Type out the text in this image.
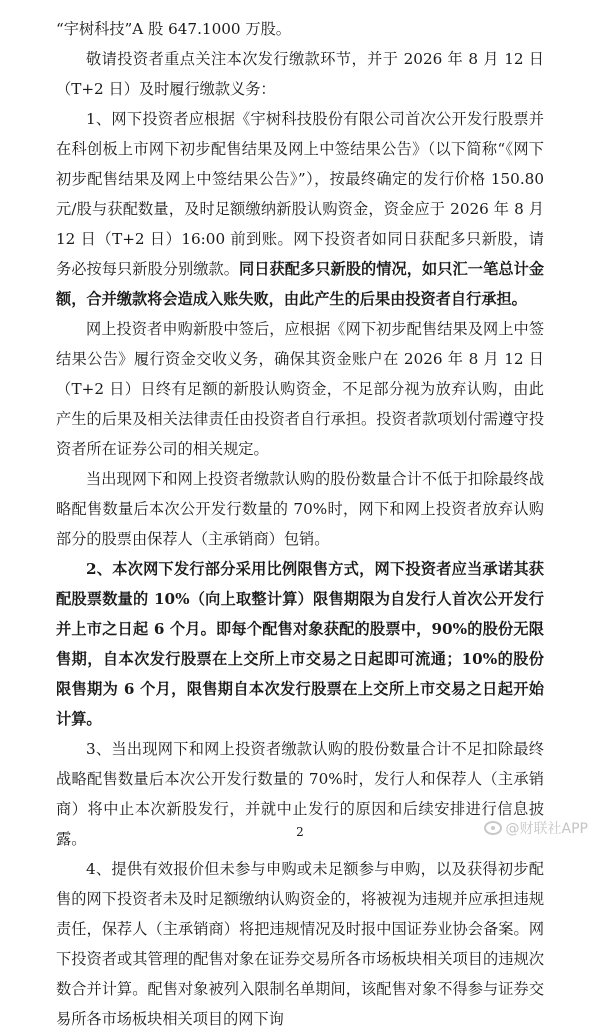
“宇树科技”A 股 647.1000 万股。

敬请投资者重点关注本次发行缴款环节，并于 2026 年 8 月 12 日（T+2 日）及时履行缴款义务：

1、网下投资者应根据《宇树科技股份有限公司首次公开发行股票并在科创板上市网下初步配售结果及网上中签结果公告》（以下简称“《网下初步配售结果及网上中签结果公告》”），按最终确定的发行价格 150.80 元/股与获配数量，及时足额缴纳新股认购资金，资金应于 2026 年 8 月 12 日（T+2 日）16:00 前到账。网下投资者如同日获配多只新股，请务必按每只新股分别缴款。同日获配多只新股的情况，如只汇一笔总计金额，合并缴款将会造成入账失败，由此产生的后果由投资者自行承担。

网上投资者申购新股中签后，应根据《网下初步配售结果及网上中签结果公告》履行资金交收义务，确保其资金账户在 2026 年 8 月 12 日（T+2 日）日终有足额的新股认购资金，不足部分视为放弃认购，由此产生的后果及相关法律责任由投资者自行承担。投资者款项划付需遵守投资者所在证券公司的相关规定。

当出现网下和网上投资者缴款认购的股份数量合计不低于扣除最终战略配售数量后本次公开发行数量的 70%时，网下和网上投资者放弃认购部分的股票由保荐人（主承销商）包销。

2、本次网下发行部分采用比例限售方式，网下投资者应当承诺其获配股票数量的 10%（向上取整计算）限售期限为自发行人首次公开发行并上市之日起 6 个月。即每个配售对象获配的股票中，90%的股份无限售期，自本次发行股票在上交所上市交易之日起即可流通；10%的股份限售期为 6 个月，限售期自本次发行股票在上交所上市交易之日起开始计算。

3、当出现网下和网上投资者缴款认购的股份数量合计不足扣除最终战略配售数量后本次公开发行数量的 70%时，发行人和保荐人（主承销商）将中止本次新股发行，并就中止发行的原因和后续安排进行信息披露。

4、提供有效报价但未参与申购或未足额参与申购，以及获得初步配售的网下投资者未及时足额缴纳认购资金的，将被视为违规并应承担违规责任，保荐人（主承销商）将把违规情况及时报中国证券业协会备案。网下投资者或其管理的配售对象在证券交易所各市场板块相关项目的违规次数合并计算。配售对象被列入限制名单期间，该配售对象不得参与证券交易所各市场板块相关项目的网下询

2	@财联社APP
